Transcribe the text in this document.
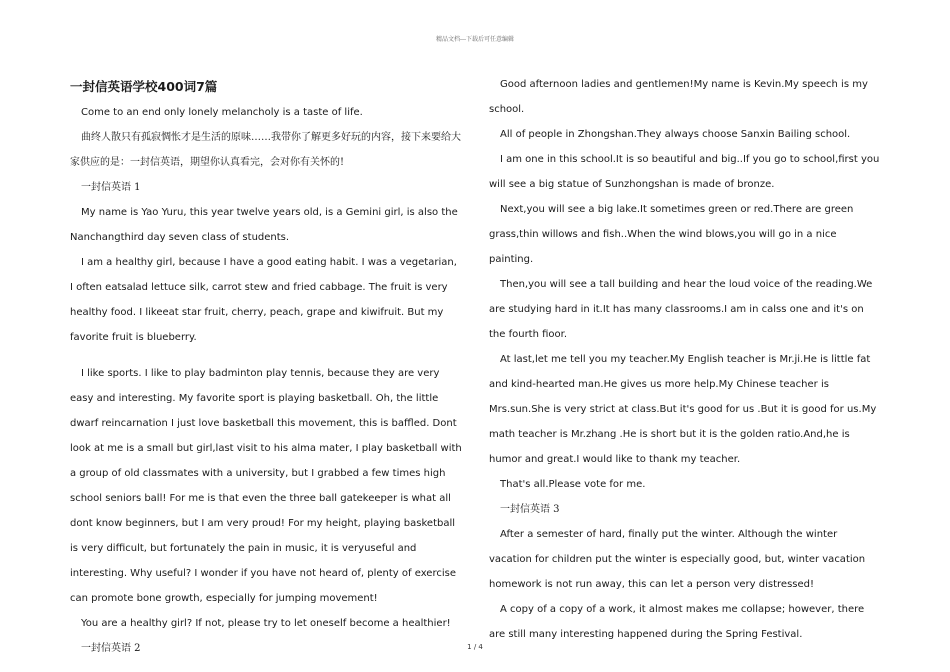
精品文档---下载后可任意编辑
一封信英语学校400词7篇

Come to an end only lonely melancholy is a taste of life.

曲终人散只有孤寂惆怅才是生活的原味……我带你了解更多好玩的内容，接下来要给大家供应的是：一封信英语，期望你认真看完，会对你有关怀的!

一封信英语 1

My name is Yao Yuru, this year twelve years old, is a Gemini girl, is also the Nanchangthird day seven class of students.

I am a healthy girl, because I have a good eating habit. I was a vegetarian, I often eatsalad lettuce silk, carrot stew and fried cabbage. The fruit is very healthy food. I likeeat star fruit, cherry, peach, grape and kiwifruit. But my favorite fruit is blueberry.

I like sports. I like to play badminton play tennis, because they are very easy and interesting. My favorite sport is playing basketball. Oh, the little dwarf reincarnation I just love basketball this movement, this is baffled. Dont look at me is a small but girl,last visit to his alma mater, I play basketball with a group of old classmates with a university, but I grabbed a few times high school seniors ball! For me is that even the three ball gatekeeper is what all dont know beginners, but I am very proud! For my height, playing basketball is very difficult, but fortunately the pain in music, it is veryuseful and interesting. Why useful? I wonder if you have not heard of, plenty of exercise can promote bone growth, especially for jumping movement!

You are a healthy girl? If not, please try to let oneself become a healthier!

一封信英语 2

Good afternoon ladies and gentlemen!My name is Kevin.My speech is my school.

All of people in Zhongshan.They always choose Sanxin Bailing school.

I am one in this school.It is so beautiful and big..If you go to school,first you will see a big statue of Sunzhongshan is made of bronze.

Next,you will see a big lake.It sometimes green or red.There are green grass,thin willows and fish..When the wind blows,you will go in a nice painting.

Then,you will see a tall building and hear the loud voice of the reading.We are studying hard in it.It has many classrooms.I am in calss one and it's on the fourth fioor.

At last,let me tell you my teacher.My English teacher is Mr.ji.He is little fat and kind-hearted man.He gives us more help.My Chinese teacher is Mrs.sun.She is very strict at class.But it's good for us .But it is good for us.My math teacher is Mr.zhang .He is short but it is the golden ratio.And,he is humor and great.I would like to thank my teacher.

That's all.Please vote for me.

一封信英语 3

After a semester of hard, finally put the winter. Although the winter vacation for children put the winter is especially good, but, winter vacation homework is not run away, this can let a person very distressed!

A copy of a copy of a work, it almost makes me collapse; however, there are still many interesting happened during the Spring Festival.

1 / 4
